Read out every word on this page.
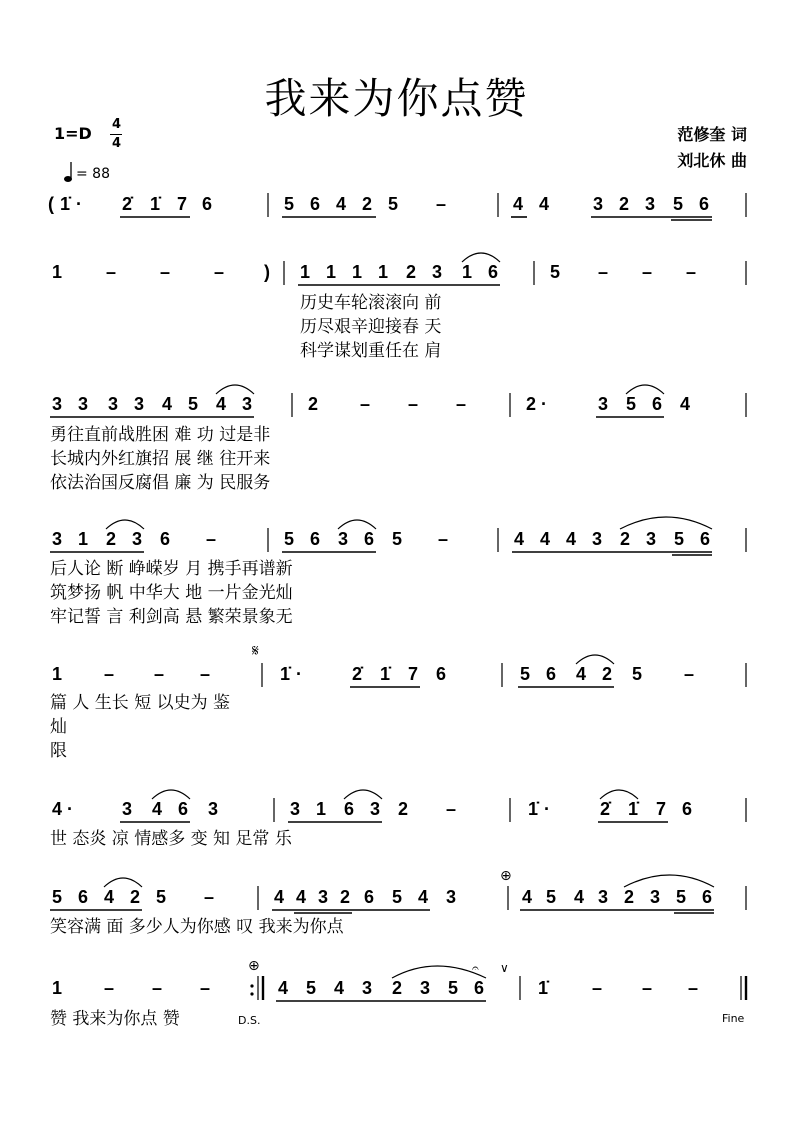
我来为你点赞
1=D 4
4
= 88
范修奎 词
刘北休 曲
( 1̇ · 2̇ 1̇ 7 6	5 6 4 2 5 –	4 4 3 2 3 5 6
1 – – – ) 1 1 1 1 2 3 1 6	5 – – –
历史车轮滚滚向 前
历尽艰辛迎接春 天
科学谋划重任在 肩
3 3 3 3 4 5 4 3	2 – – –	2 ·	3 5 6 4
勇往直前战胜困 难 功 过是非
长城内外红旗招 展 继 往开来
依法治国反腐倡 廉 为 民服务
3 1 2 3 6 –	5 6 3 6 5 –	4 4 4 3 2 3 5 6
后人论 断 峥嵘岁 月 携手再谱新
筑梦扬 帆 中华大 地 一片金光灿
牢记誓 言 利剑高 悬 繁荣景象无
1 – – –
𝄋
1̇ ·	2̇ 1̇ 7 6	5 6 4 2 5 –
篇 人 生长 短 以史为 鉴
灿
限
4 ·	3 4 6 3	3 1 6 3 2 –	1̇ ·	2̇ 1̇ 7 6
世 态炎 凉 情感多 变 知 足常 乐
5 6 4 2 5 –	4 4 3 2 6 5 4 3
⊕
4 5 4 3 2 3 5 6
笑容满 面 多少人为你感 叹 我来为你点
1 – – –
⊕
4 5 4 3 2 3 5 6
𝄐 ∨
1̇ – – –
赞 我来为你点 赞	D.S.	Fine
